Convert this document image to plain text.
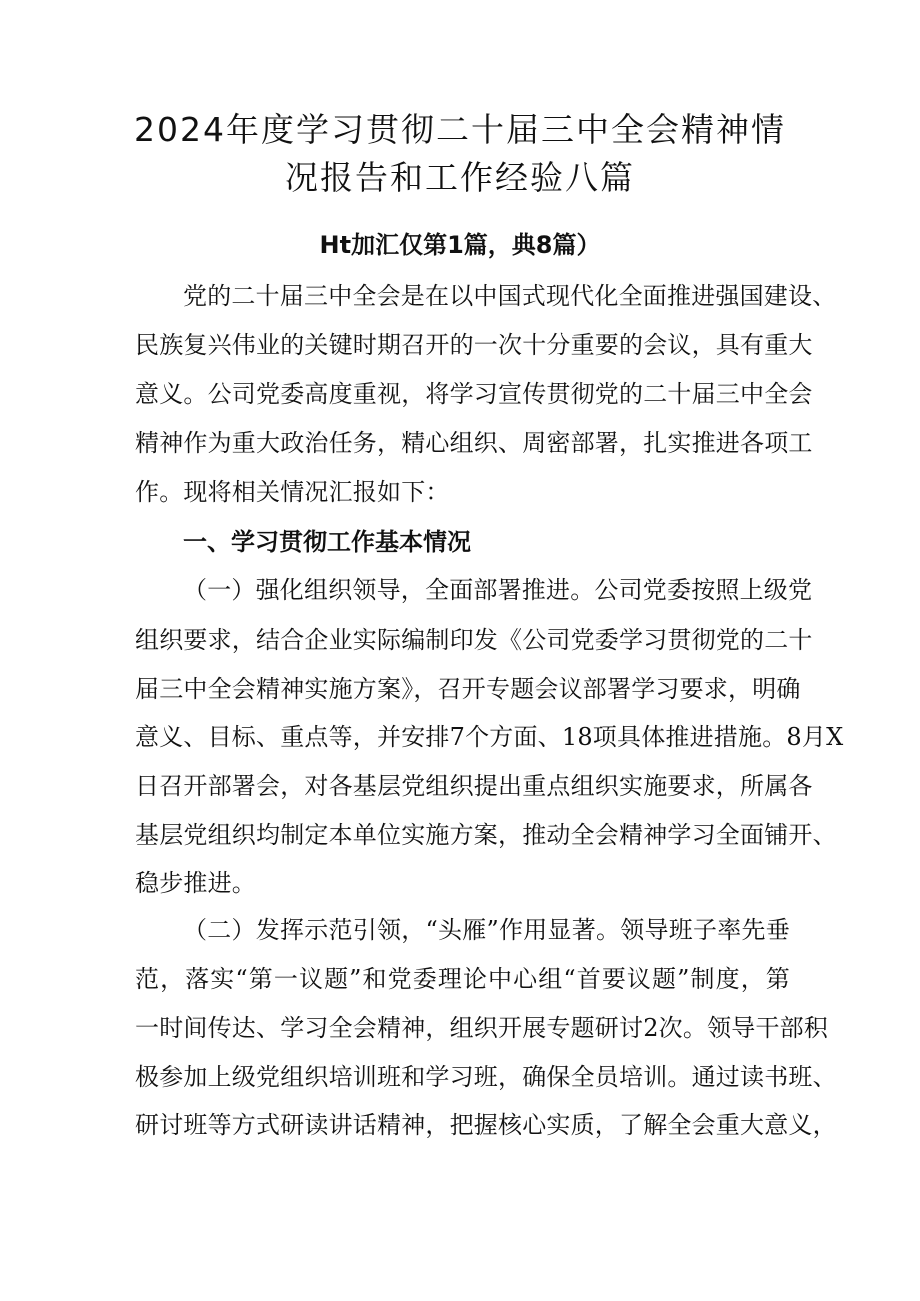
2024年度学习贯彻二十届三中全会精神情
况报告和工作经验八篇
Ht加汇仅第1篇，典8篇）
党的二十届三中全会是在以中国式现代化全面推进强国建设、
民族复兴伟业的关键时期召开的一次十分重要的会议，具有重大
意义。公司党委高度重视，将学习宣传贯彻党的二十届三中全会
精神作为重大政治任务，精心组织、周密部署，扎实推进各项工
作。现将相关情况汇报如下：
一、学习贯彻工作基本情况
（一）强化组织领导，全面部署推进。公司党委按照上级党
组织要求，结合企业实际编制印发《公司党委学习贯彻党的二十
届三中全会精神实施方案》，召开专题会议部署学习要求，明确
意义、目标、重点等，并安排7个方面、18项具体推进措施。8月X
日召开部署会，对各基层党组织提出重点组织实施要求，所属各
基层党组织均制定本单位实施方案，推动全会精神学习全面铺开、
稳步推进。
（二）发挥示范引领，“头雁”作用显著。领导班子率先垂
范，落实“第一议题”和党委理论中心组“首要议题”制度，第
一时间传达、学习全会精神，组织开展专题研讨2次。领导干部积
极参加上级党组织培训班和学习班，确保全员培训。通过读书班、
研讨班等方式研读讲话精神，把握核心实质，了解全会重大意义，
